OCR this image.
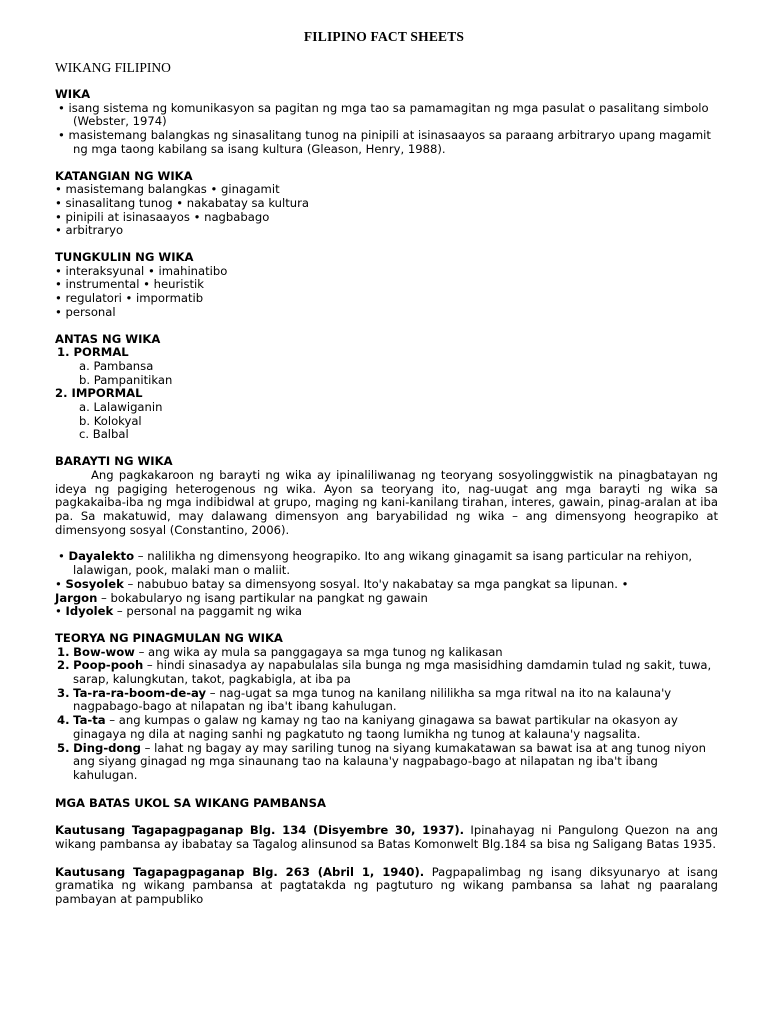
FILIPINO FACT SHEETS
WIKANG FILIPINO
WIKA
• isang sistema ng komunikasyon sa pagitan ng mga tao sa pamamagitan ng mga pasulat o pasalitang simbolo (Webster, 1974)
• masistemang balangkas ng sinasalitang tunog na pinipili at isinasaayos sa paraang arbitraryo upang magamit ng mga taong kabilang sa isang kultura (Gleason, Henry, 1988).
KATANGIAN NG WIKA
• masistemang balangkas • ginagamit
• sinasalitang tunog • nakabatay sa kultura
• pinipili at isinasaayos • nagbabago
• arbitraryo
TUNGKULIN NG WIKA
• interaksyunal • imahinatibo
• instrumental • heuristik
• regulatori • impormatib
• personal
ANTAS NG WIKA
1. PORMAL
a. Pambansa
b. Pampanitikan
2. IMPORMAL
a. Lalawiganin
b. Kolokyal
c. Balbal
BARAYTI NG WIKA
Ang pagkakaroon ng barayti ng wika ay ipinaliliwanag ng teoryang sosyolinggwistik na pinagbatayan ng ideya ng pagiging heterogenous ng wika. Ayon sa teoryang ito, nag-uugat ang mga barayti ng wika sa pagkakaiba-iba ng mga indibidwal at grupo, maging ng kani-kanilang tirahan, interes, gawain, pinag-aralan at iba pa. Sa makatuwid, may dalawang dimensyon ang baryabilidad ng wika – ang dimensyong heograpiko at dimensyong sosyal (Constantino, 2006).
• Dayalekto – nalilikha ng dimensyong heograpiko. Ito ang wikang ginagamit sa isang particular na rehiyon, lalawigan, pook, malaki man o maliit.
• Sosyolek – nabubuo batay sa dimensyong sosyal. Ito'y nakabatay sa mga pangkat sa lipunan. •
Jargon – bokabularyo ng isang partikular na pangkat ng gawain
• Idyolek – personal na paggamit ng wika
TEORYA NG PINAGMULAN NG WIKA
1. Bow-wow – ang wika ay mula sa panggagaya sa mga tunog ng kalikasan
2. Poop-pooh – hindi sinasadya ay napabulalas sila bunga ng mga masisidhing damdamin tulad ng sakit, tuwa, sarap, kalungkutan, takot, pagkabigla, at iba pa
3. Ta-ra-ra-boom-de-ay – nag-ugat sa mga tunog na kanilang nililikha sa mga ritwal na ito na kalauna'y nagpabago-bago at nilapatan ng iba't ibang kahulugan.
4. Ta-ta – ang kumpas o galaw ng kamay ng tao na kaniyang ginagawa sa bawat partikular na okasyon ay ginagaya ng dila at naging sanhi ng pagkatuto ng taong lumikha ng tunog at kalauna'y nagsalita.
5. Ding-dong – lahat ng bagay ay may sariling tunog na siyang kumakatawan sa bawat isa at ang tunog niyon ang siyang ginagad ng mga sinaunang tao na kalauna'y nagpabago-bago at nilapatan ng iba't ibang kahulugan.
MGA BATAS UKOL SA WIKANG PAMBANSA
Kautusang Tagapagpaganap Blg. 134 (Disyembre 30, 1937). Ipinahayag ni Pangulong Quezon na ang wikang pambansa ay ibabatay sa Tagalog alinsunod sa Batas Komonwelt Blg.184 sa bisa ng Saligang Batas 1935.
Kautusang Tagapagpaganap Blg. 263 (Abril 1, 1940). Pagpapalimbag ng isang diksyunaryo at isang gramatika ng wikang pambansa at pagtatakda ng pagtuturo ng wikang pambansa sa lahat ng paaralang pambayan at pampubliko
